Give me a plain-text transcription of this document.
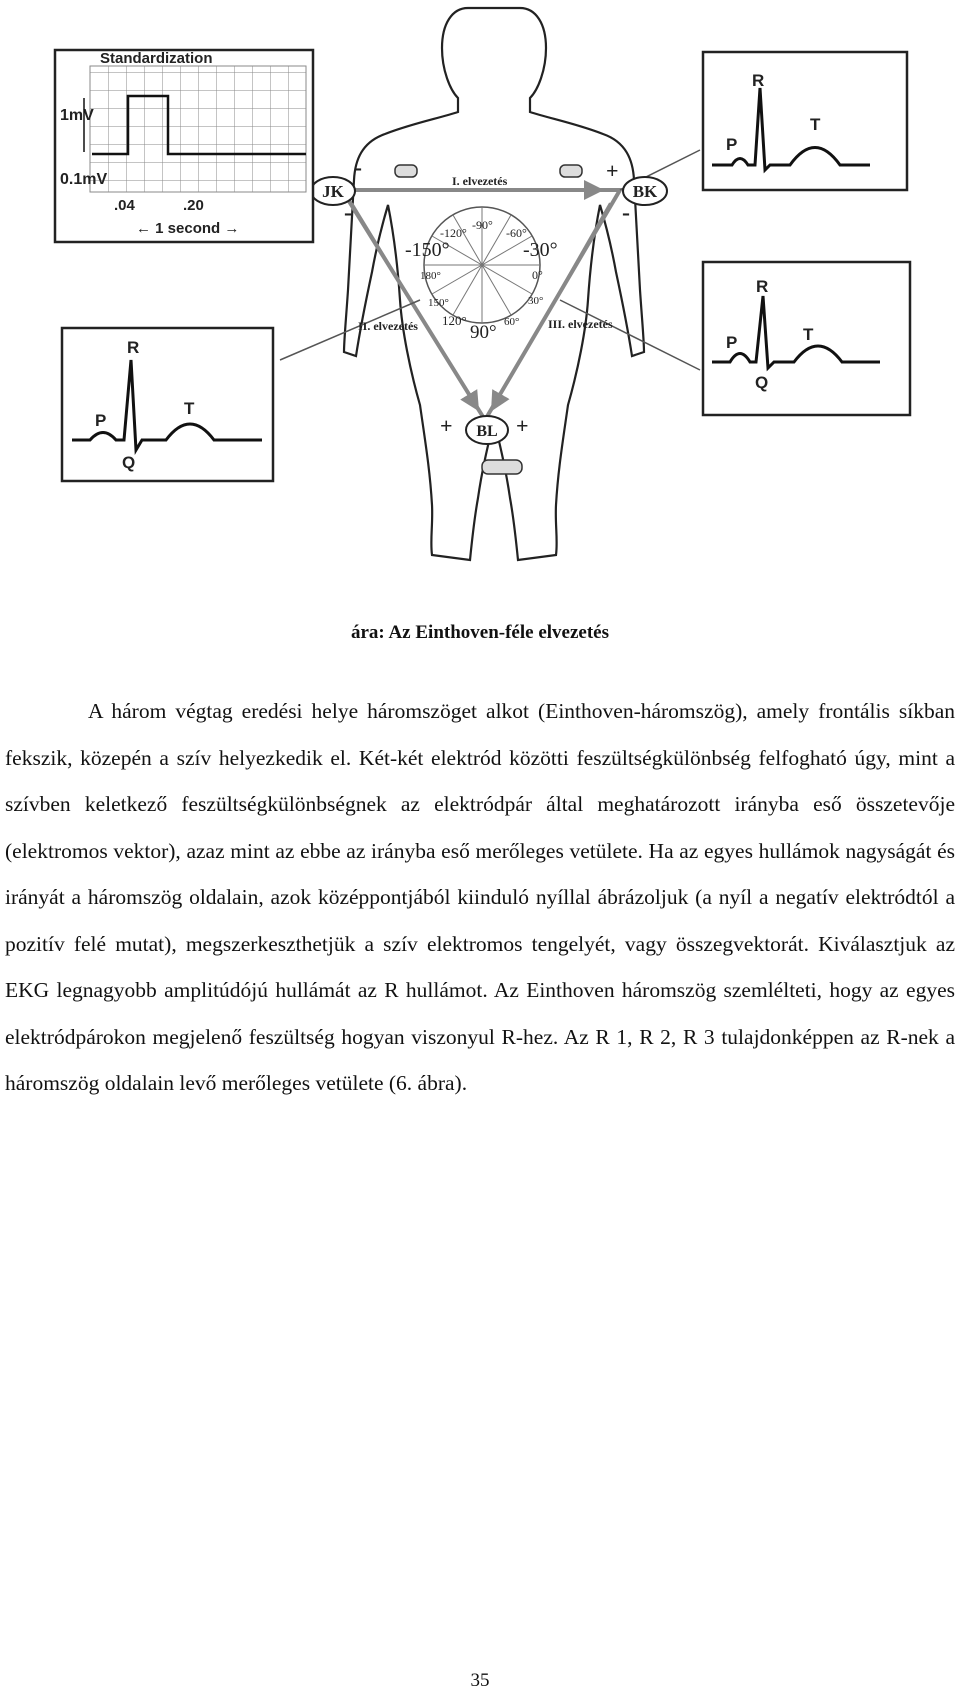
-120°
-90°
-60°
-150°	-30°
180°	0°
150°	30°
120°
90° 60°
I. elvezetés
II. elvezetés	III. elvezetés
JK	BK
BL
-
-
+
-
+	+
Standardization
1mV
0.1mV
.04	.20
← 1 second →
R
P
T
R
P	T
Q
R
P
T
Q
ára: Az Einthoven-féle elvezetés

A három végtag eredési helye háromszöget alkot (Einthoven-háromszög), amely frontális síkban fekszik, közepén a szív helyezkedik el. Két-két elektród közötti feszültségkülönbség felfogható úgy, mint a szívben keletkező feszültségkülönbségnek az elektródpár által meghatározott irányba eső összetevője (elektromos vektor), azaz mint az ebbe az irányba eső merőleges vetülete. Ha az egyes hullámok nagyságát és irányát a háromszög oldalain, azok középpontjából kiinduló nyíllal ábrázoljuk (a nyíl a negatív elektródtól a pozitív felé mutat), megszerkeszthetjük a szív elektromos tengelyét, vagy összegvektorát. Kiválasztjuk az EKG legnagyobb amplitúdójú hullámát az R hullámot. Az Einthoven háromszög szemlélteti, hogy az egyes elektródpárokon megjelenő feszültség hogyan viszonyul R-hez. Az R 1, R 2, R 3 tulajdonképpen az R-nek a háromszög oldalain levő merőleges vetülete (6. ábra).

35
